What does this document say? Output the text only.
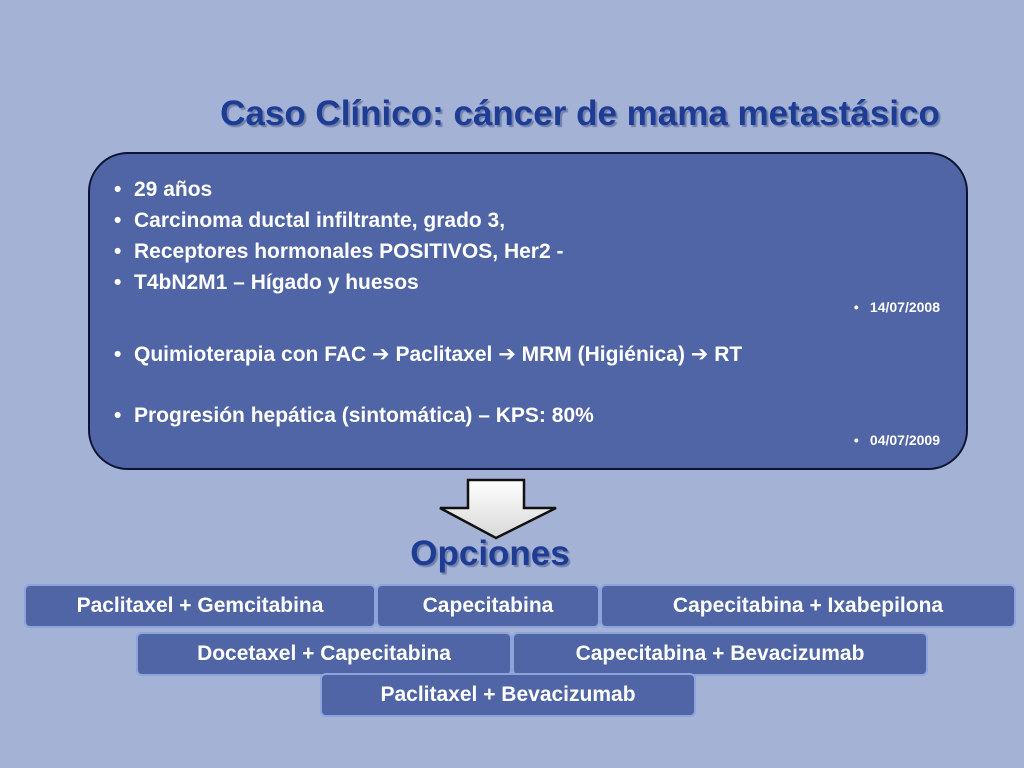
Caso Clínico: cáncer de mama metastásico
• 29 años
• Carcinoma ductal infiltrante, grado 3,
• Receptores hormonales POSITIVOS, Her2 -
• T4bN2M1 – Hígado y huesos
• 14/07/2008
• Quimioterapia con FAC ➔ Paclitaxel ➔ MRM (Higiénica) ➔ RT
• Progresión hepática (sintomática) – KPS: 80%
• 04/07/2009
Opciones
Paclitaxel + Gemcitabina	Capecitabina	Capecitabina + Ixabepilona
Docetaxel + Capecitabina	Capecitabina + Bevacizumab
Paclitaxel + Bevacizumab
